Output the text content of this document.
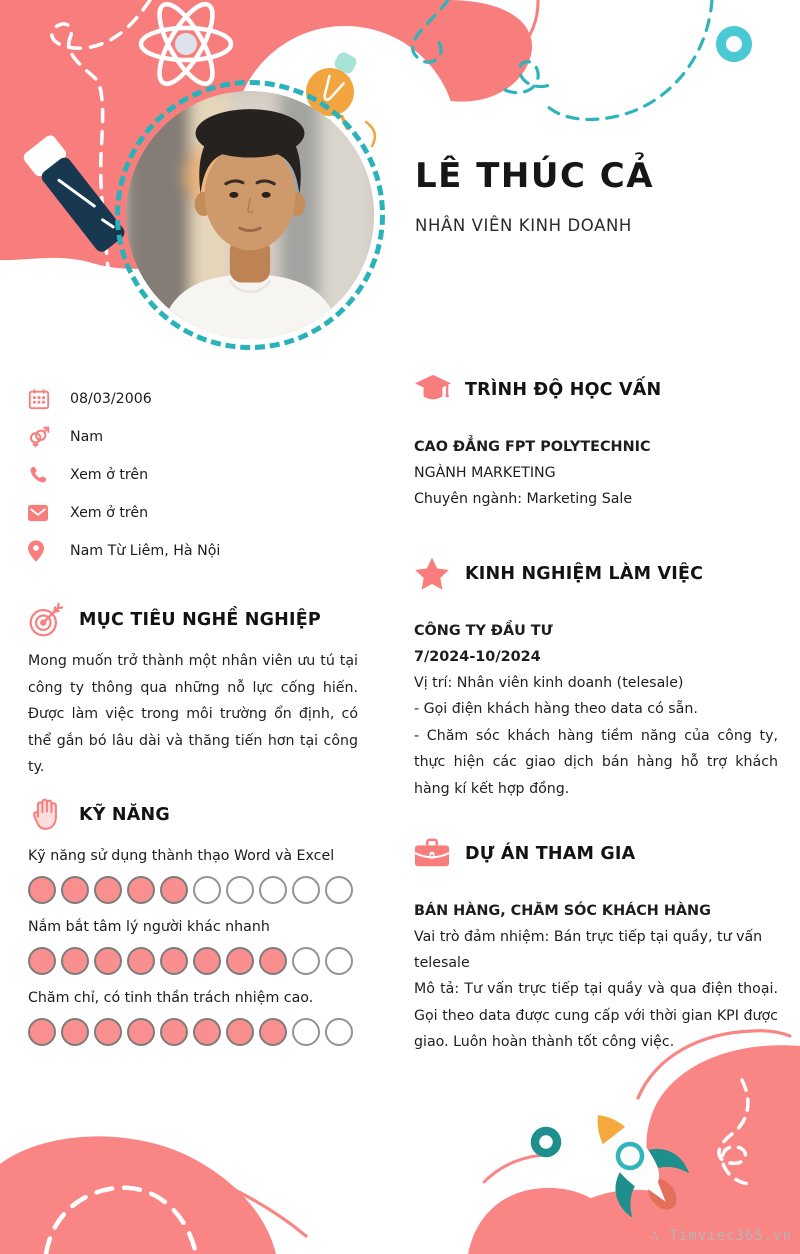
LÊ THÚC CẢ
NHÂN VIÊN KINH DOANH
08/03/2006
Nam
Xem ở trên
Xem ở trên
Nam Từ Liêm, Hà Nội
MỤC TIÊU NGHỀ NGHIỆP
Mong muốn trở thành một nhân viên ưu tú tại công ty thông qua những nỗ lực cống hiến. Được làm việc trong môi trường ổn định, có thể gắn bó lâu dài và thăng tiến hơn tại công ty.
KỸ NĂNG
Kỹ năng sử dụng thành thạo Word và Excel
Nắm bắt tâm lý người khác nhanh
Chăm chỉ, có tinh thần trách nhiệm cao.
TRÌNH ĐỘ HỌC VẤN
CAO ĐẲNG FPT POLYTECHNIC
NGÀNH MARKETING
Chuyên ngành: Marketing Sale
KINH NGHIỆM LÀM VIỆC
CÔNG TY ĐẦU TƯ
7/2024-10/2024
Vị trí: Nhân viên kinh doanh (telesale)
- Gọi điện khách hàng theo data có sẵn.
- Chăm sóc khách hàng tiềm năng của công ty, thực hiện các giao dịch bán hàng hỗ trợ khách hàng kí kết hợp đồng.
DỰ ÁN THAM GIA
BÁN HÀNG, CHĂM SÓC KHÁCH HÀNG
Vai trò đảm nhiệm: Bán trực tiếp tại quầy, tư vấn telesale
Mô tả: Tư vấn trực tiếp tại quầy và qua điện thoại. Gọi theo data được cung cấp với thời gian KPI được giao. Luôn hoàn thành tốt công việc.
∴ Timviec365.vn
